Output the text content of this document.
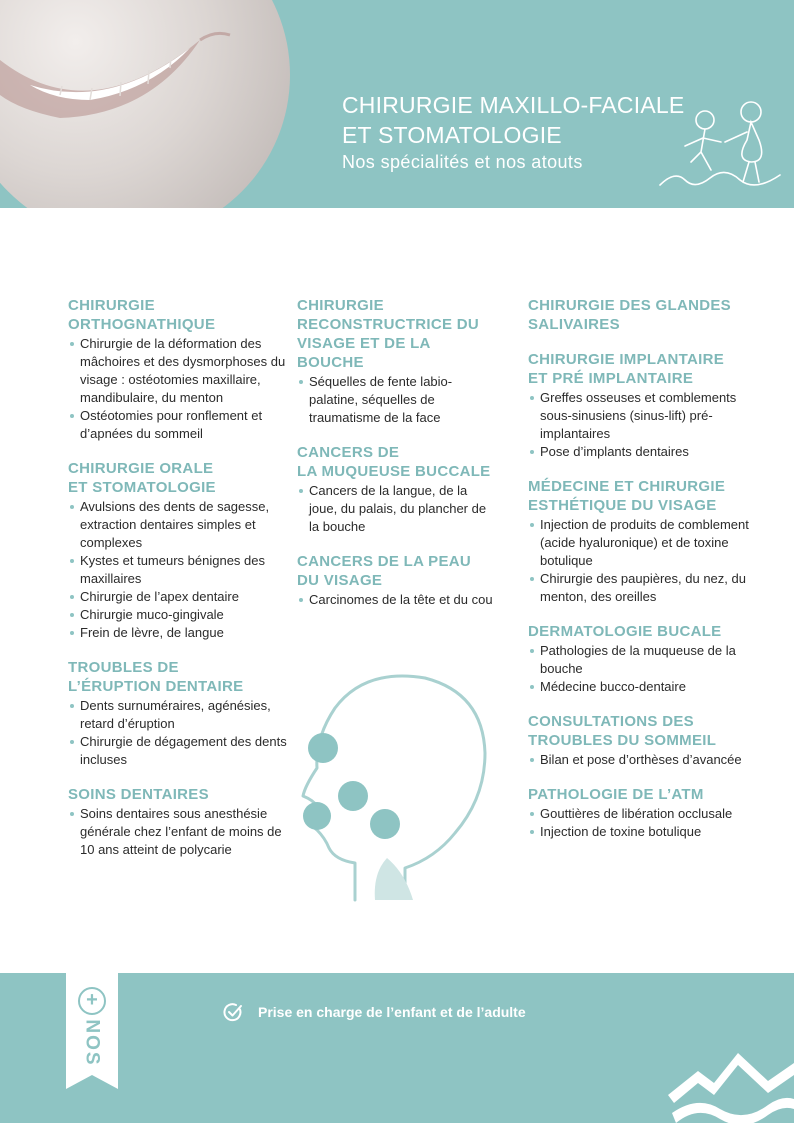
CHIRURGIE MAXILLO-FACIALE
ET STOMATOLOGIE
Nos spécialités et nos atouts
CHIRURGIE
ORTHOGNATHIQUE
Chirurgie de la déformation des mâchoires et des dysmorphoses du visage : ostéotomies maxillaire, mandibulaire, du menton
Ostéotomies pour ronflement et d’apnées du sommeil
CHIRURGIE ORALE
ET STOMATOLOGIE
Avulsions des dents de sagesse, extraction dentaires simples et complexes
Kystes et tumeurs bénignes des maxillaires
Chirurgie de l’apex dentaire
Chirurgie muco-gingivale
Frein de lèvre, de langue
TROUBLES DE
L’ÉRUPTION DENTAIRE
Dents surnuméraires, agénésies, retard d’éruption
Chirurgie de dégagement des dents incluses
SOINS DENTAIRES
Soins dentaires sous anesthésie générale chez l’enfant de moins de 10 ans atteint de polycarie
CHIRURGIE
RECONSTRUCTRICE DU
VISAGE ET DE LA BOUCHE
Séquelles de fente labio-palatine, séquelles de traumatisme de la face
CANCERS DE
LA MUQUEUSE BUCCALE
Cancers de la langue, de la joue, du palais, du plancher de la bouche
CANCERS DE LA PEAU
DU VISAGE
Carcinomes de la tête et du cou
CHIRURGIE DES GLANDES
SALIVAIRES
CHIRURGIE IMPLANTAIRE
ET PRÉ IMPLANTAIRE
Greffes osseuses et comblements sous-sinusiens (sinus-lift) pré-implantaires
Pose d’implants dentaires
MÉDECINE ET CHIRURGIE
ESTHÉTIQUE DU VISAGE
Injection de produits de comblement (acide hyaluronique) et de toxine botulique
Chirurgie des paupières, du nez, du menton, des oreilles
DERMATOLOGIE BUCALE
Pathologies de la muqueuse de la bouche
Médecine bucco-dentaire
CONSULTATIONS DES
TROUBLES DU SOMMEIL
Bilan et pose d’orthèses d’avancée
PATHOLOGIE DE L’ATM
Gouttières de libération occlusale
Injection de toxine botulique
+
NOS
Prise en charge de l’enfant et de l’adulte
